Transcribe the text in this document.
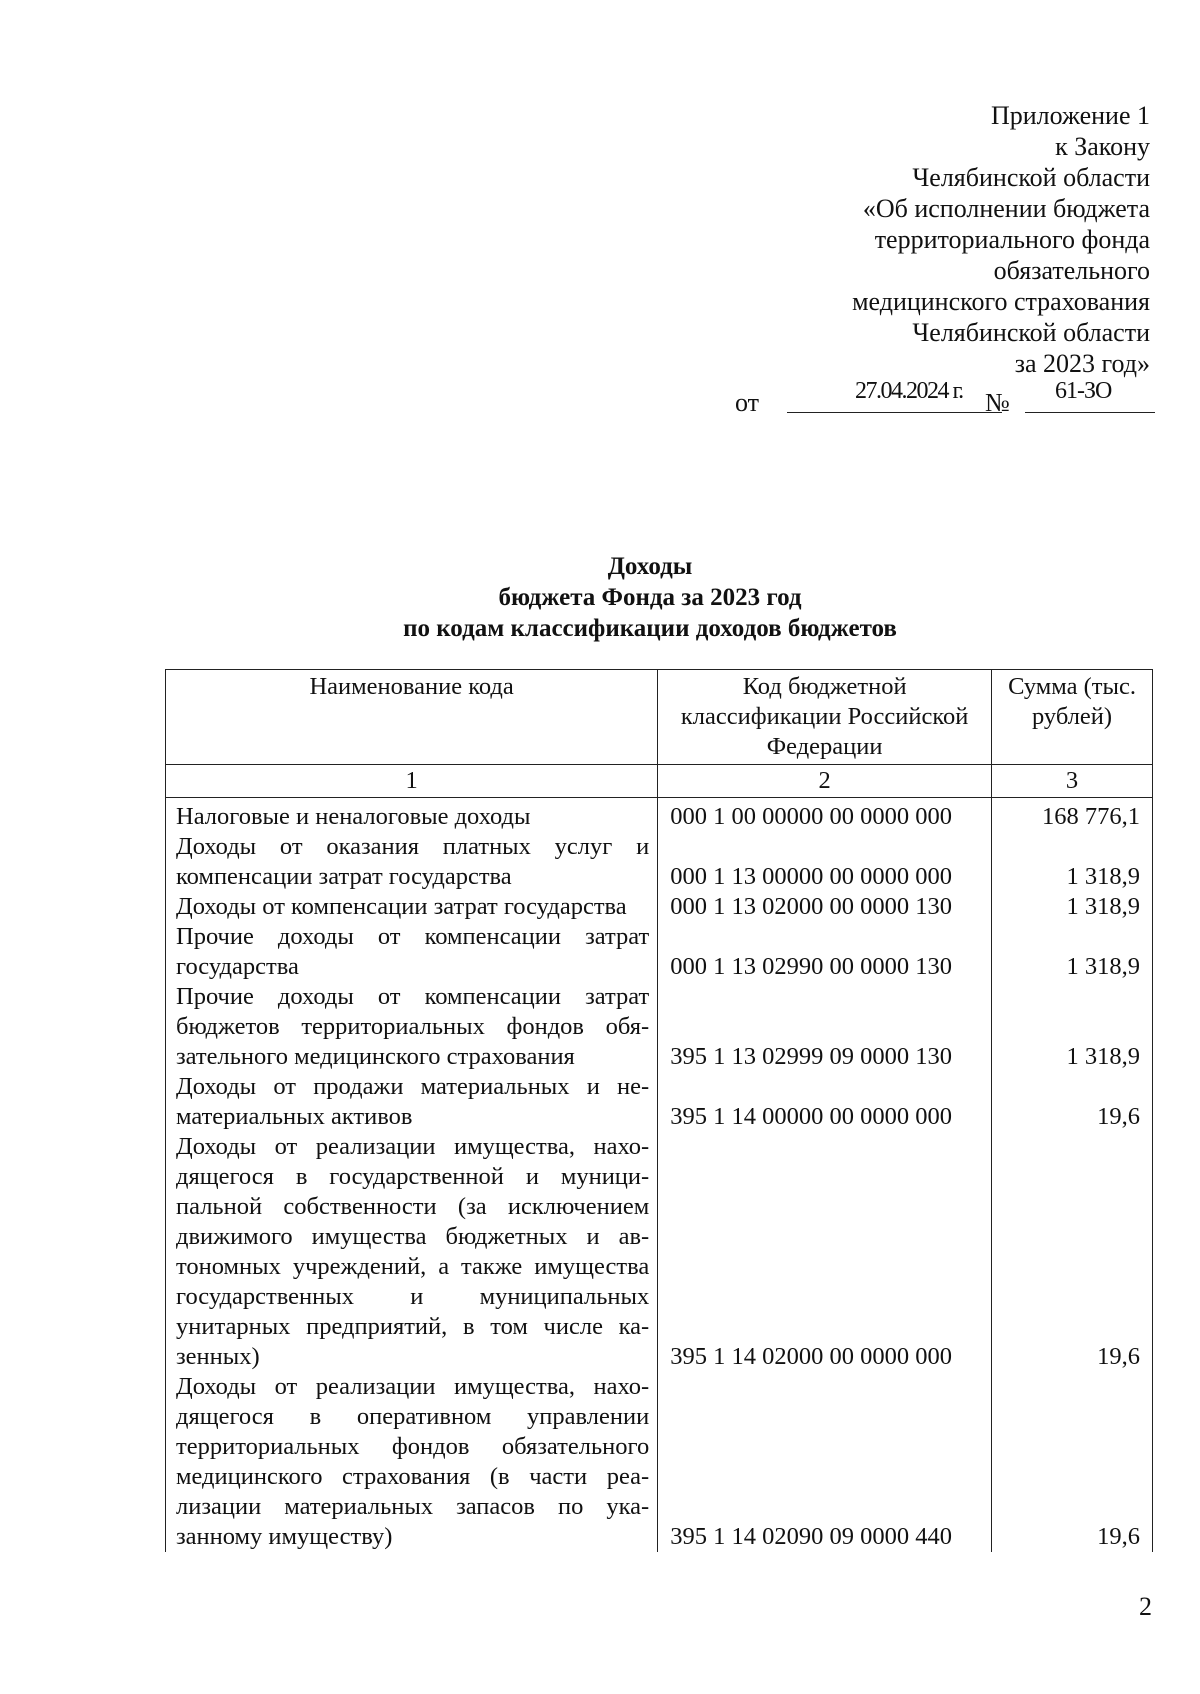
Приложение 1
к Закону
Челябинской области
«Об исполнении бюджета
территориального фонда
обязательного
медицинского страхования
Челябинской области
за 2023 год»
от	27.04.2024 г. № 61-ЗО
Доходы
бюджета Фонда за 2023 год
по кодам классификации доходов бюджетов
Наименование кода	Код бюджетной классификации Российской Федерации	Сумма (тыс. рублей)
1	2	3
Налоговые и неналоговые доходы	000 1 00 00000 00 0000 000	168 776,1
Доходы от оказания платных услуг и компенсации затрат государства	000 1 13 00000 00 0000 000	1 318,9
Доходы от компенсации затрат государства	000 1 13 02000 00 0000 130	1 318,9
Прочие доходы от компенсации затрат государства	000 1 13 02990 00 0000 130	1 318,9
Прочие доходы от компенсации затрат бюджетов территориальных фондов обязательного медицинского страхования	395 1 13 02999 09 0000 130	1 318,9
Доходы от продажи материальных и нематериальных активов	395 1 14 00000 00 0000 000	19,6
Доходы от реализации имущества, находящегося в государственной и муниципальной собственности (за исключением движимого имущества бюджетных и автономных учреждений, а также имущества государственных и муниципальных унитарных предприятий, в том числе казенных)	395 1 14 02000 00 0000 000	19,6
Доходы от реализации имущества, находящегося в оперативном управлении территориальных фондов обязательного медицинского страхования (в части реализации материальных запасов по указанному имуществу)	395 1 14 02090 09 0000 440	19,6
2
